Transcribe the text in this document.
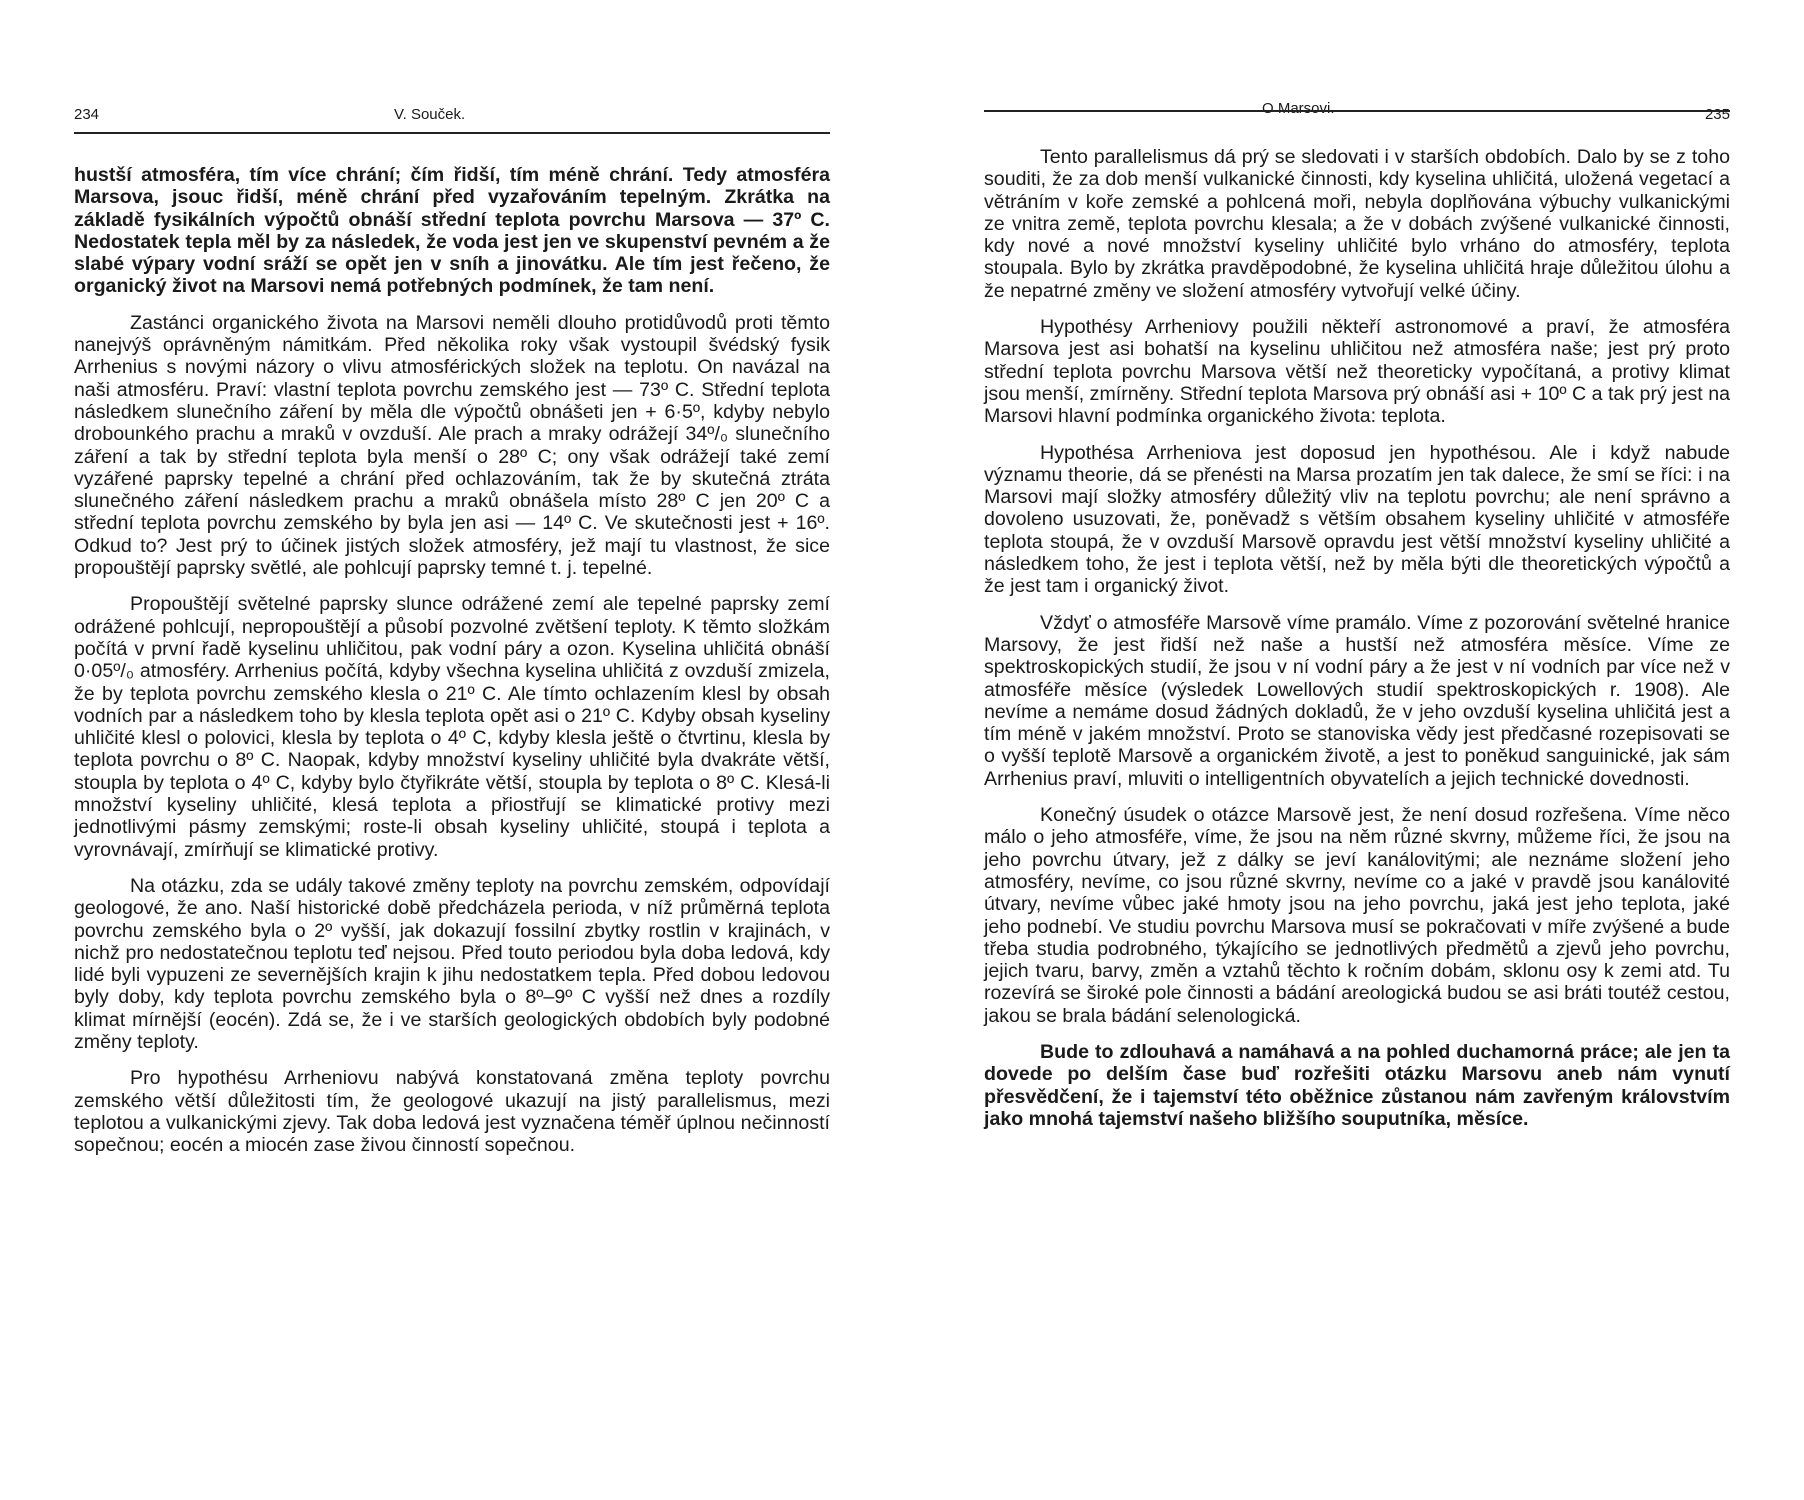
234	V. Souček.

hustší atmosféra, tím více chrání; čím řidší, tím méně chrání. Tedy atmosféra Marsova, jsouc řidší, méně chrání před vyzařováním tepelným. Zkrátka na základě fysikálních výpočtů obnáší střední teplota povrchu Marsova — 37º C. Nedostatek tepla měl by za následek, že voda jest jen ve skupenství pevném a že slabé výpary vodní sráží se opět jen v sníh a jinovátku. Ale tím jest řečeno, že organický život na Marsovi nemá potřebných podmínek, že tam není.

Zastánci organického života na Marsovi neměli dlouho protidůvodů proti těmto nanejvýš oprávněným námitkám. Před několika roky však vystoupil švédský fysik Arrhenius s novými názory o vlivu atmosférických složek na teplotu. On navázal na naši atmosféru. Praví: vlastní teplota povrchu zemského jest — 73º C. Střední teplota následkem slunečního záření by měla dle výpočtů obnášeti jen + 6·5º, kdyby nebylo drobounkého prachu a mraků v ovzduší. Ale prach a mraky odrážejí 34º/₀ slunečního záření a tak by střední teplota byla menší o 28º C; ony však odrážejí také zemí vyzářené paprsky tepelné a chrání před ochlazováním, tak že by skutečná ztráta slunečného záření následkem prachu a mraků obnášela místo 28º C jen 20º C a střední teplota povrchu zemského by byla jen asi — 14º C. Ve skutečnosti jest + 16º. Odkud to? Jest prý to účinek jistých složek atmosféry, jež mají tu vlastnost, že sice propouštějí paprsky světlé, ale pohlcují paprsky temné t. j. tepelné.

Propouštějí světelné paprsky slunce odrážené zemí ale tepelné paprsky zemí odrážené pohlcují, nepropouštějí a působí pozvolné zvětšení teploty. K těmto složkám počítá v první řadě kyselinu uhličitou, pak vodní páry a ozon. Kyselina uhličitá obnáší 0·05º/₀ atmosféry. Arrhenius počítá, kdyby všechna kyselina uhličitá z ovzduší zmizela, že by teplota povrchu zemského klesla o 21º C. Ale tímto ochlazením klesl by obsah vodních par a následkem toho by klesla teplota opět asi o 21º C. Kdyby obsah kyseliny uhličité klesl o polovici, klesla by teplota o 4º C, kdyby klesla ještě o čtvrtinu, klesla by teplota povrchu o 8º C. Naopak, kdyby množství kyseliny uhličité byla dvakráte větší, stoupla by teplota o 4º C, kdyby bylo čtyřikráte větší, stoupla by teplota o 8º C. Klesá-li množství kyseliny uhličité, klesá teplota a přiostřují se klimatické protivy mezi jednotlivými pásmy zemskými; roste-li obsah kyseliny uhličité, stoupá i teplota a vyrovnávají, zmírňují se klimatické protivy.

Na otázku, zda se udály takové změny teploty na povrchu zemském, odpovídají geologové, že ano. Naší historické době předcházela perioda, v níž průměrná teplota povrchu zemského byla o 2º vyšší, jak dokazují fossilní zbytky rostlin v krajinách, v nichž pro nedostatečnou teplotu teď nejsou. Před touto periodou byla doba ledová, kdy lidé byli vypuzeni ze severnějších krajin k jihu nedostatkem tepla. Před dobou ledovou byly doby, kdy teplota povrchu zemského byla o 8º–9º C vyšší než dnes a rozdíly klimat mírnější (eocén). Zdá se, že i ve starších geologických obdobích byly podobné změny teploty.

Pro hypothésu Arrheniovu nabývá konstatovaná změna teploty povrchu zemského větší důležitosti tím, že geologové ukazují na jistý parallelismus, mezi teplotou a vulkanickými zjevy. Tak doba ledová jest vyznačena téměř úplnou nečinností sopečnou; eocén a miocén zase živou činností sopečnou.

O Marsovi.	235

Tento parallelismus dá prý se sledovati i v starších obdobích. Dalo by se z toho souditi, že za dob menší vulkanické činnosti, kdy kyselina uhličitá, uložená vegetací a větráním v koře zemské a pohlcená moři, nebyla doplňována výbuchy vulkanickými ze vnitra země, teplota povrchu klesala; a že v dobách zvýšené vulkanické činnosti, kdy nové a nové množství kyseliny uhličité bylo vrháno do atmosféry, teplota stoupala. Bylo by zkrátka pravděpodobné, že kyselina uhličitá hraje důležitou úlohu a že nepatrné změny ve složení atmosféry vytvořují velké účiny.

Hypothésy Arrheniovy použili někteří astronomové a praví, že atmosféra Marsova jest asi bohatší na kyselinu uhličitou než atmosféra naše; jest prý proto střední teplota povrchu Marsova větší než theoreticky vypočítaná, a protivy klimat jsou menší, zmírněny. Střední teplota Marsova prý obnáší asi + 10º C a tak prý jest na Marsovi hlavní podmínka organického života: teplota.

Hypothésa Arrheniova jest doposud jen hypothésou. Ale i když nabude významu theorie, dá se přenésti na Marsa prozatím jen tak dalece, že smí se říci: i na Marsovi mají složky atmosféry důležitý vliv na teplotu povrchu; ale není správno a dovoleno usuzovati, že, poněvadž s větším obsahem kyseliny uhličité v atmosféře teplota stoupá, že v ovzduší Marsově opravdu jest větší množství kyseliny uhličité a následkem toho, že jest i teplota větší, než by měla býti dle theoretických výpočtů a že jest tam i organický život.

Vždyť o atmosféře Marsově víme pramálo. Víme z pozorování světelné hranice Marsovy, že jest řidší než naše a hustší než atmosféra měsíce. Víme ze spektroskopických studií, že jsou v ní vodní páry a že jest v ní vodních par více než v atmosféře měsíce (výsledek Lowellových studií spektroskopických r. 1908). Ale nevíme a nemáme dosud žádných dokladů, že v jeho ovzduší kyselina uhličitá jest a tím méně v jakém množství. Proto se stanoviska vědy jest předčasné rozepisovati se o vyšší teplotě Marsově a organickém životě, a jest to poněkud sanguinické, jak sám Arrhenius praví, mluviti o intelligentních obyvatelích a jejich technické dovednosti.

Konečný úsudek o otázce Marsově jest, že není dosud rozřešena. Víme něco málo o jeho atmosféře, víme, že jsou na něm různé skvrny, můžeme říci, že jsou na jeho povrchu útvary, jež z dálky se jeví kanálovitými; ale neznáme složení jeho atmosféry, nevíme, co jsou různé skvrny, nevíme co a jaké v pravdě jsou kanálovité útvary, nevíme vůbec jaké hmoty jsou na jeho povrchu, jaká jest jeho teplota, jaké jeho podnebí. Ve studiu povrchu Marsova musí se pokračovati v míře zvýšené a bude třeba studia podrobného, týkajícího se jednotlivých předmětů a zjevů jeho povrchu, jejich tvaru, barvy, změn a vztahů těchto k ročním dobám, sklonu osy k zemi atd. Tu rozevírá se široké pole činnosti a bádání areologická budou se asi bráti toutéž cestou, jakou se brala bádání selenologická.

Bude to zdlouhavá a namáhavá a na pohled duchamorná práce; ale jen ta dovede po delším čase buď rozřešiti otázku Marsovu aneb nám vynutí přesvědčení, že i tajemství této oběžnice zůstanou nám zavřeným královstvím jako mnohá tajemství našeho bližšího souputníka, měsíce.
